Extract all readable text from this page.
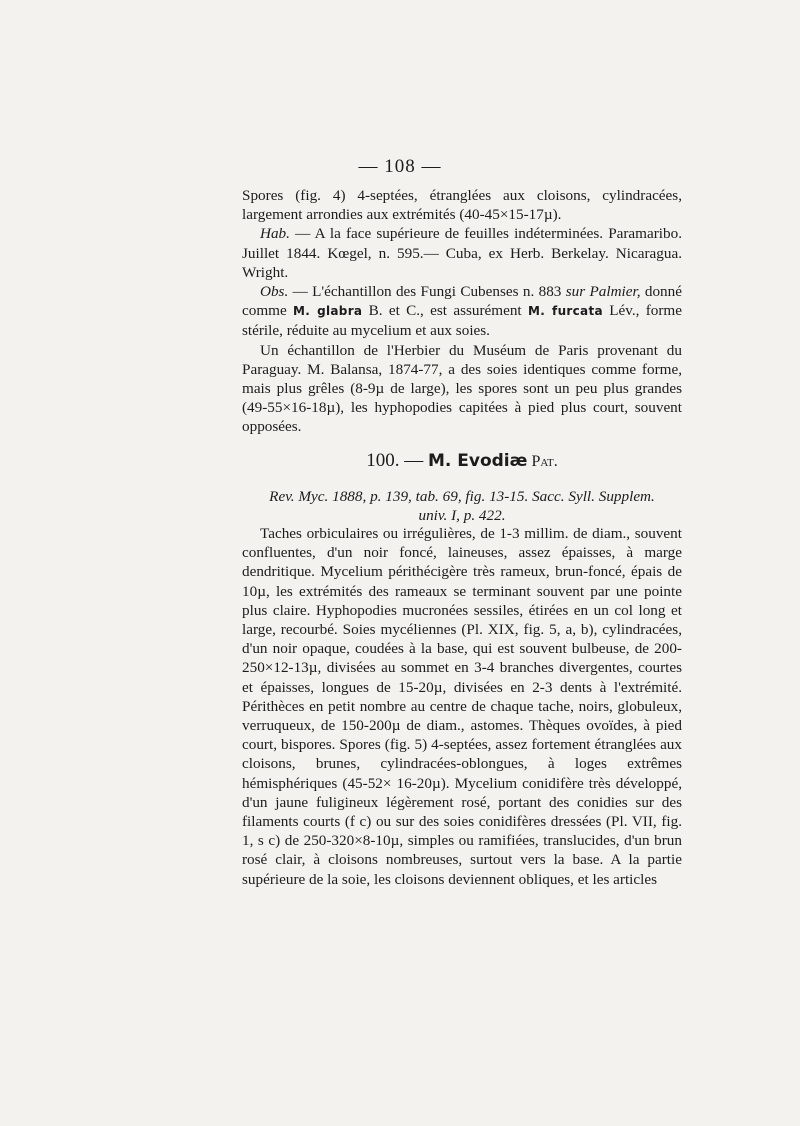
— 108 —

Spores (fig. 4) 4-septées, étranglées aux cloisons, cylindracées, largement arrondies aux extrémités (40-45×15-17µ).

Hab. — A la face supérieure de feuilles indéterminées. Paramaribo. Juillet 1844. Kœgel, n. 595.— Cuba, ex Herb. Berkelay. Nicaragua. Wright.

Obs. — L'échantillon des Fungi Cubenses n. 883 sur Palmier, donné comme M. glabra B. et C., est assurément M. furcata Lév., forme stérile, réduite au mycelium et aux soies.

Un échantillon de l'Herbier du Muséum de Paris provenant du Paraguay. M. Balansa, 1874-77, a des soies identiques comme forme, mais plus grêles (8-9µ de large), les spores sont un peu plus grandes (49-55×16-18µ), les hyphopodies capitées à pied plus court, souvent opposées.

100. — M. Evodiæ Pat.
Rev. Myc. 1888, p. 139, tab. 69, fig. 13-15. Sacc. Syll. Supplem.
univ. I, p. 422.

Taches orbiculaires ou irrégulières, de 1-3 millim. de diam., souvent confluentes, d'un noir foncé, laineuses, assez épaisses, à marge dendritique. Mycelium périthécigère très rameux, brun-foncé, épais de 10µ, les extrémités des rameaux se terminant souvent par une pointe plus claire. Hyphopodies mucronées sessiles, étirées en un col long et large, recourbé. Soies mycéliennes (Pl. XIX, fig. 5, a, b), cylindracées, d'un noir opaque, coudées à la base, qui est souvent bulbeuse, de 200-250×12-13µ, divisées au sommet en 3-4 branches divergentes, courtes et épaisses, longues de 15-20µ, divisées en 2-3 dents à l'extrémité. Périthèces en petit nombre au centre de chaque tache, noirs, globuleux, verruqueux, de 150-200µ de diam., astomes. Thèques ovoïdes, à pied court, bispores. Spores (fig. 5) 4-septées, assez fortement étranglées aux cloisons, brunes, cylindracées-oblongues, à loges extrêmes hémisphériques (45-52× 16-20µ). Mycelium conidifère très développé, d'un jaune fuligineux légèrement rosé, portant des conidies sur des filaments courts (f c) ou sur des soies conidifères dressées (Pl. VII, fig. 1, s c) de 250-320×8-10µ, simples ou ramifiées, translucides, d'un brun rosé clair, à cloisons nombreuses, surtout vers la base. A la partie supérieure de la soie, les cloisons deviennent obliques, et les articles
